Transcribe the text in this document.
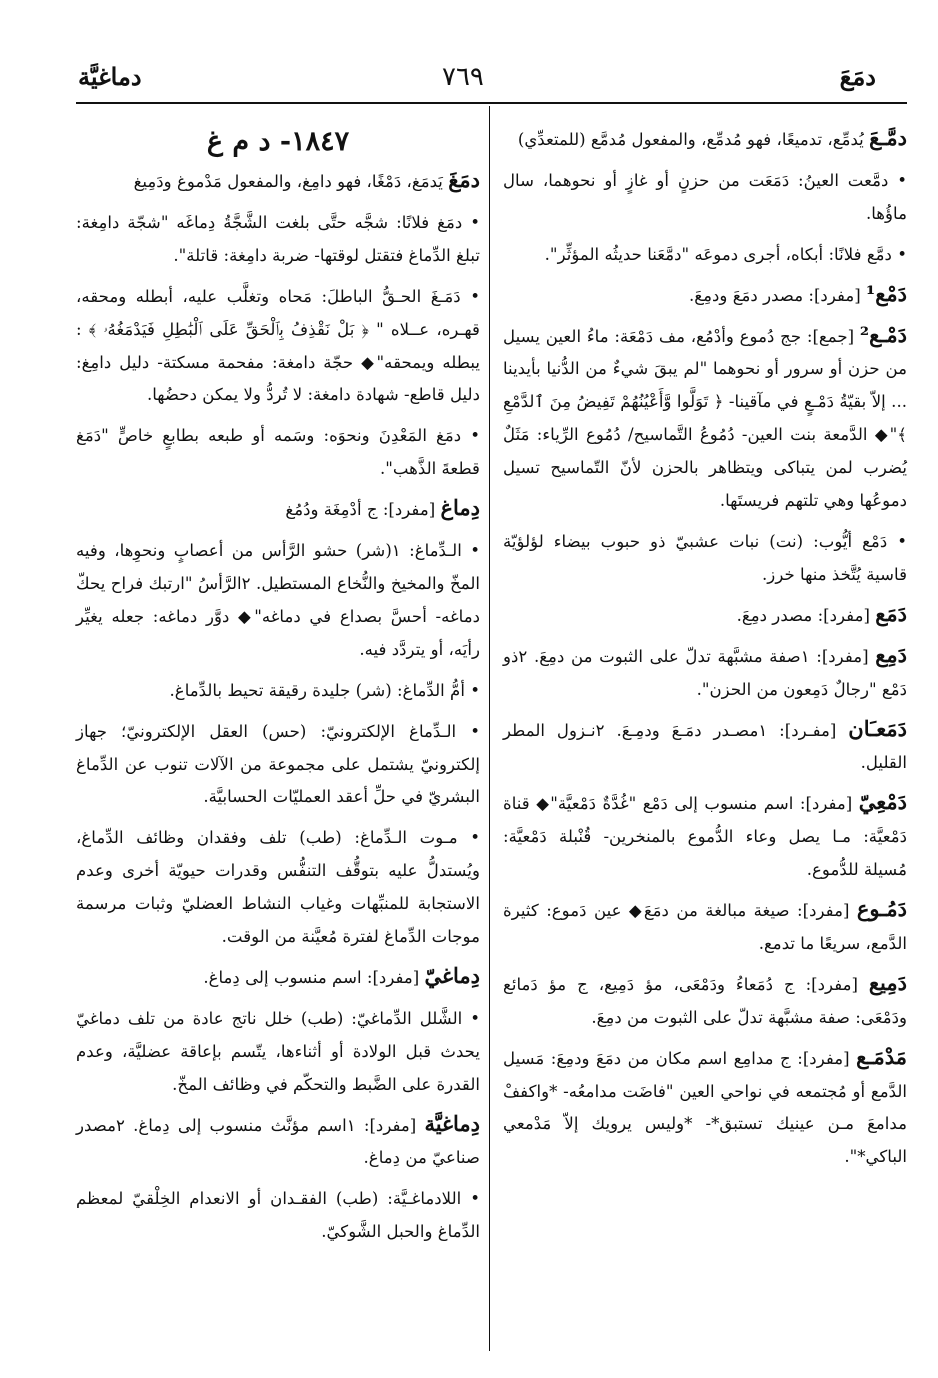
دمَعَ
٧٦٩
دماغيَّة

دمَّـعَ يُدمِّع، تدميعًا، فهو مُدمِّع، والمفعول مُدمَّع (للمتعدِّي)

• دمَّعت العينُ: دَمَعَت من حزنٍ أو غازٍ أو نحوهما، سال ماؤُها.

• دمَّع فلانًا: أبكاه، أجرى دموعَه "دمَّعَنا حديثُه المؤثِّر".

دَمْع¹ [مفرد]: مصدر دمَعَ ودمِعَ.

دَمْـع² [جمع]: جج دُموع وأدْمُع، مف دَمْعَة: ماءُ العين يسيل من حزن أو سرور أو نحوهما "لم يبقَ شيءٌ من الدُّنيا بأيدينا ... إلاّ بقيّةُ دَمْـعٍ في مآقينا- ﴿ تَوَلَّوا وَّأَعْيُنُهُمْ تَفِيضُ مِنَ ٱلدَّمْعِ ﴾"◆ الدَّمعة بنت العين- دُمُوعُ التَّماسيح/ دُمُوع الرِّياء: مَثَلٌ يُضرب لمن يتباكى ويتظاهر بالحزن لأنّ التّماسيح تسيل دموعُها وهي تلتهم فريستَها.

• دَمْع أيُّوب: (نت) نبات عشبيّ ذو حبوب بيضاء لؤلؤيّة قاسية يُتَّخذ منها خرز.

دَمَع [مفرد]: مصدر دمِعَ.

دَمِع [مفرد]: ١صفة مشبَّهة تدلّ على الثبوت من دمِعَ. ٢ذو دَمْع "رجالٌ دَمِعون من الحزن".

دَمَعـَان [مفـرد]: ١مصـدر دمَـعَ ودمِـعَ. ٢نـزول المطر القليل.

دَمْعِيّ [مفرد]: اسم منسوب إلى دَمْع "غُدَّةٌ دَمْعيَّة"◆ قناة دَمْعيَّة: مـا يصل وعاء الدُّموع بالمنخرين- قُنْبلة دَمْعيَّة: مُسيلة للدُّموع.

دَمُـوع [مفرد]: صيغة مبالغة من دمَعَ◆ عين دَموع: كثيرة الدَّمع، سريعًا ما تدمع.

دَمِيع [مفرد]: ج دُمَعاءُ ودَمْعَى، مؤ دَمِيع، ج مؤ دَمائع ودَمْعَى: صفة مشبَّهة تدلّ على الثبوت من دمِعَ.

مَدْمَـع [مفرد]: ج مدامِع اسم مكان من دمَعَ ودمِعَ: مَسيل الدَّمع أو مُجتمعه في نواحي العين "فاضَت مدامعُه- *واكففْ مدامعَ مـن عينيك تستبق*- *وليس يرويك إلاّ مَدْمعي الباكي*".

١٨٤٧- د م غ

دمَغَ يَدمَغ، دَمْغًا، فهو دامِغ، والمفعول مَدْموغ ودَمِيغ

• دمَغ فلانًا: شجَّه حتَّى بلغت الشَّجَّةُ دِماغَه "شجّة دامِغة: تبلغ الدِّماغ فتقتل لوقتها- ضربة دامِغة: قاتلة".

• دَمَـغَ الحـقُّ الباطلَ: مَحاه وتغلَّب عليه، أبطله ومحقه، قهـره، عــلاه " ﴿ بَلْ نَقْذِفُ بِٱلْحَقِّ عَلَى ٱلْبَٰطِلِ فَيَدْمَغُهُۥ ﴾ : يبطله ويمحقه"◆ حجّة دامغة: مفحمة مسكتة- دليل دامِغ: دليل قاطع- شهادة دامغة: لا تُردُّ ولا يمكن دحضُها.

• دمَغ المَعْدِنَ ونحوَه: وسَمه أو طبعه بطابعٍ خاصٍّ "دَمَغ قطعةَ الذَّهب".

دِماغ [مفرد]: ج أدْمِغَة ودُمُغ

• الـدِّماغ: ١(شر) حشو الرَّأس من أعصابٍ ونحوِها، وفيه المخّ والمخيخ والنُّخاع المستطيل. ٢الرَّأسُ "ارتبك فراح يحكّ دماغه- أحسَّ بصداع في دماغه"◆ دوَّر دماغه: جعله يغيِّر رأيَه، أو يتردَّد فيه.

• أمُّ الدِّماغ: (شر) جليدة رقيقة تحيط بالدِّماغ.

• الـدِّماغ الإلكترونيّ: (حس) العقل الإلكترونيّ؛ جهاز إلكترونيّ يشتمل على مجموعة من الآلات تنوب عن الدِّماغ البشريّ في حلِّ أعقد العمليّات الحسابيَّة.

• مـوت الـدِّماغ: (طب) تلف وفقدان وظائف الدِّماغ، ويُستدلُّ عليه بتوقُّف التنفُّس وقدرات حيويّة أخرى وعدم الاستجابة للمنبِّهات وغياب النشاط العضليّ وثبات مرسمة موجات الدِّماغ لفترة مُعيَّنة من الوقت.

دِماغيّ [مفرد]: اسم منسوب إلى دِماغ.

• الشَّلل الدِّماغيّ: (طب) خلل ناتج عادة من تلف دماغيّ يحدث قبل الولادة أو أثناءها، يتّسم بإعاقة عضليَّة، وعدم القدرة على الضَّبط والتحكّم في وظائف المخّ.

دِماغيَّة [مفرد]: ١اسم مؤنَّث منسوب إلى دِماغ. ٢مصدر صناعيّ من دِماغ.

• اللادماغـيَّة: (طب) الفقـدان أو الانعدام الخِلْقيّ لمعظم الدِّماغ والحبل الشَّوكيّ.
